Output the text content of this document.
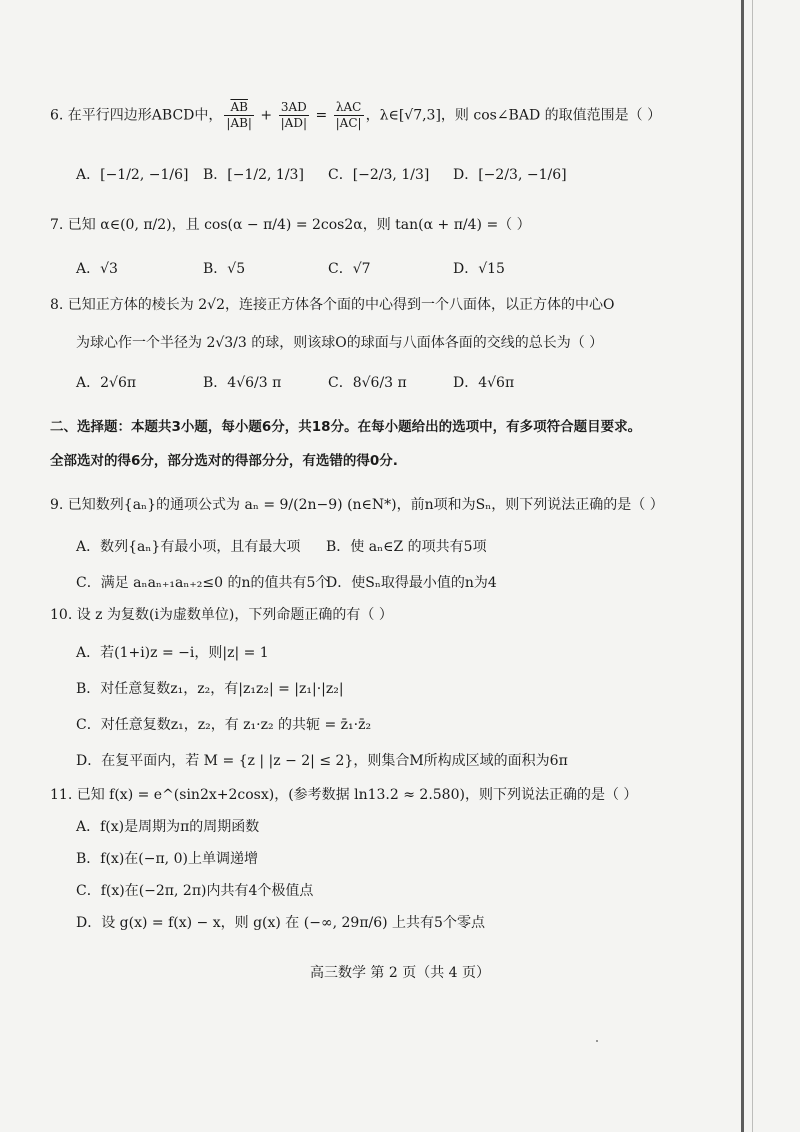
6. 在平行四边形ABCD中， $\frac{\overline{AB}}{|AB|} + \frac{3AD}{|AD|} = \frac{\text{λAC}}{|AC|}$ ，λ∈[√7,3]，则 cos∠BAD 的取值范围是（ ）
A．[−1/2, −1/6] B．[−1/2, 1/3] C．[−2/3, 1/3] D．[−2/3, −1/6]
7. 已知 α∈(0, π/2)，且 cos(α − π/4) = 2cos2α，则 tan(α + π/4) =（ ）
A．√3	B．√5	C．√7	D．√15
8. 已知正方体的棱长为 2√2，连接正方体各个面的中心得到一个八面体，以正方体的中心O
为球心作一个半径为 2√3/3 的球，则该球O的球面与八面体各面的交线的总长为（ ）
A．2√6π	B．4√6/3 π	C．8√6/3 π	D．4√6π
二、选择题：本题共3小题，每小题6分，共18分。在每小题给出的选项中，有多项符合题目要求。
全部选对的得6分，部分选对的得部分分，有选错的得0分.
9. 已知数列{aₙ}的通项公式为 aₙ = 9/(2n−9) (n∈N*)，前n项和为Sₙ，则下列说法正确的是（ ）
A．数列{aₙ}有最小项，且有最大项 B．使 aₙ∈Z 的项共有5项
C．满足 aₙaₙ₊₁aₙ₊₂≤0 的n的值共有5个
D．使Sₙ取得最小值的n为4
10. 设 z 为复数(i为虚数单位)，下列命题正确的有（ ）
A．若(1+i)z = −i，则|z| = 1
B．对任意复数z₁，z₂，有|z₁z₂| = |z₁|·|z₂|
C．对任意复数z₁，z₂，有 z₁·z₂ 的共轭 = z̄₁·z̄₂
D．在复平面内，若 M = {z | |z − 2| ≤ 2}，则集合M所构成区域的面积为6π
11. 已知 f(x) = e^(sin2x+2cosx)，(参考数据 ln13.2 ≈ 2.580)，则下列说法正确的是（ ）
A．f(x)是周期为π的周期函数
B．f(x)在(−π, 0)上单调递增
C．f(x)在(−2π, 2π)内共有4个极值点
D．设 g(x) = f(x) − x，则 g(x) 在 (−∞, 29π/6) 上共有5个零点
高三数学 第 2 页（共 4 页）
